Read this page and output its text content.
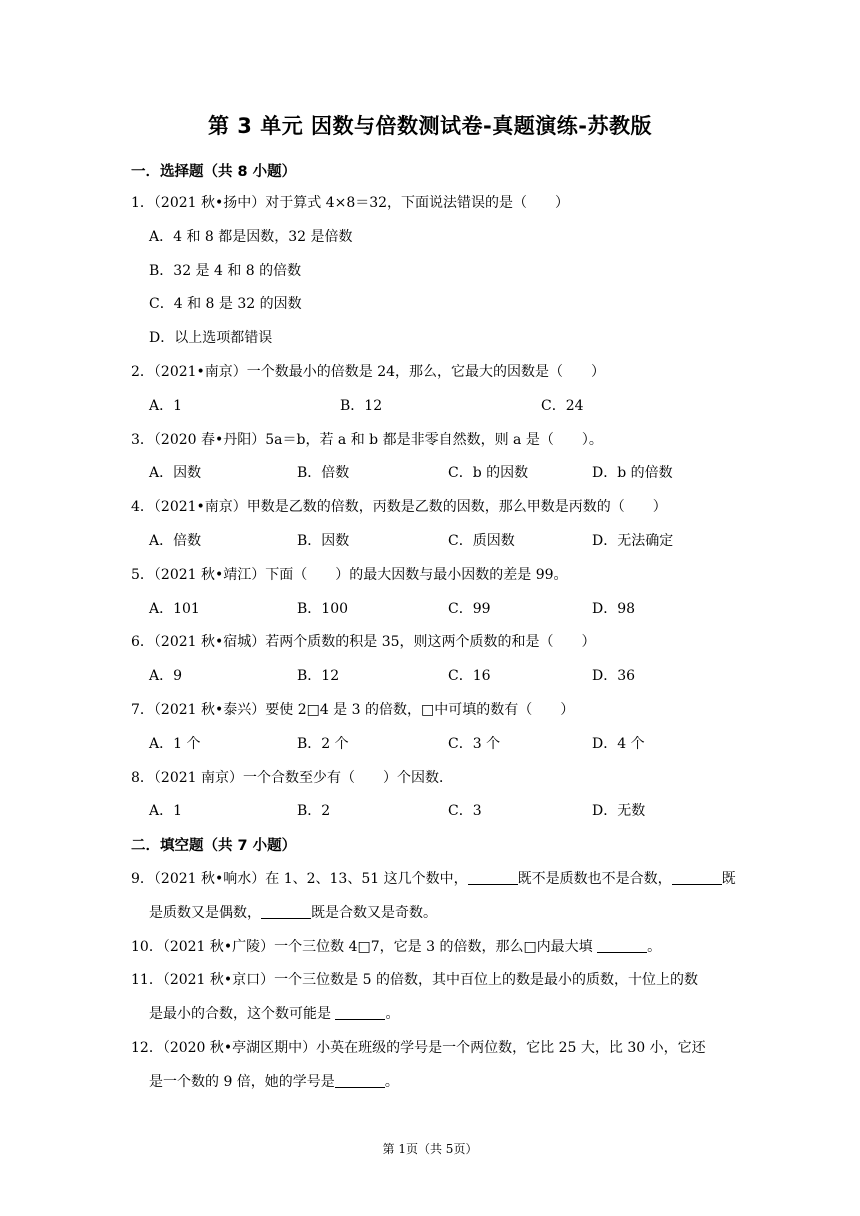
第 3 单元 因数与倍数测试卷-真题演练-苏教版
一．选择题（共 8 小题）
1．（2021 秋•扬中）对于算式 4×8＝32，下面说法错误的是（　　）
A．4 和 8 都是因数，32 是倍数
B．32 是 4 和 8 的倍数
C．4 和 8 是 32 的因数
D．以上选项都错误
2．（2021•南京）一个数最小的倍数是 24，那么，它最大的因数是（　　）
A．1	B．12	C．24
3．（2020 春•丹阳）5a＝b，若 a 和 b 都是非零自然数，则 a 是（　　）。
A．因数	B．倍数	C．b 的因数	D．b 的倍数
4．（2021•南京）甲数是乙数的倍数，丙数是乙数的因数，那么甲数是丙数的（　　）
A．倍数	B．因数	C．质因数	D．无法确定
5．（2021 秋•靖江）下面（　　）的最大因数与最小因数的差是 99。
A．101	B．100	C．99	D．98
6．（2021 秋•宿城）若两个质数的积是 35，则这两个质数的和是（　　）
A．9	B．12	C．16	D．36
7．（2021 秋•泰兴）要使 2□4 是 3 的倍数，□中可填的数有（　　）
A．1 个	B．2 个	C．3 个	D．4 个
8．（2021 南京）一个合数至少有（　　）个因数．
A．1	B．2	C．3	D．无数
二．填空题（共 7 小题）
9．（2021 秋•响水）在 1、2、13、51 这几个数中，	既不是质数也不是合数，	既
是质数又是偶数，	既是合数又是奇数。
10．（2021 秋•广陵）一个三位数 4□7，它是 3 的倍数，那么□内最大填	。
11．（2021 秋•京口）一个三位数是 5 的倍数，其中百位上的数是最小的质数，十位上的数
是最小的合数，这个数可能是	。
12．（2020 秋•亭湖区期中）小英在班级的学号是一个两位数，它比 25 大，比 30 小，它还
是一个数的 9 倍，她的学号是	。
第 1页（共 5页）
